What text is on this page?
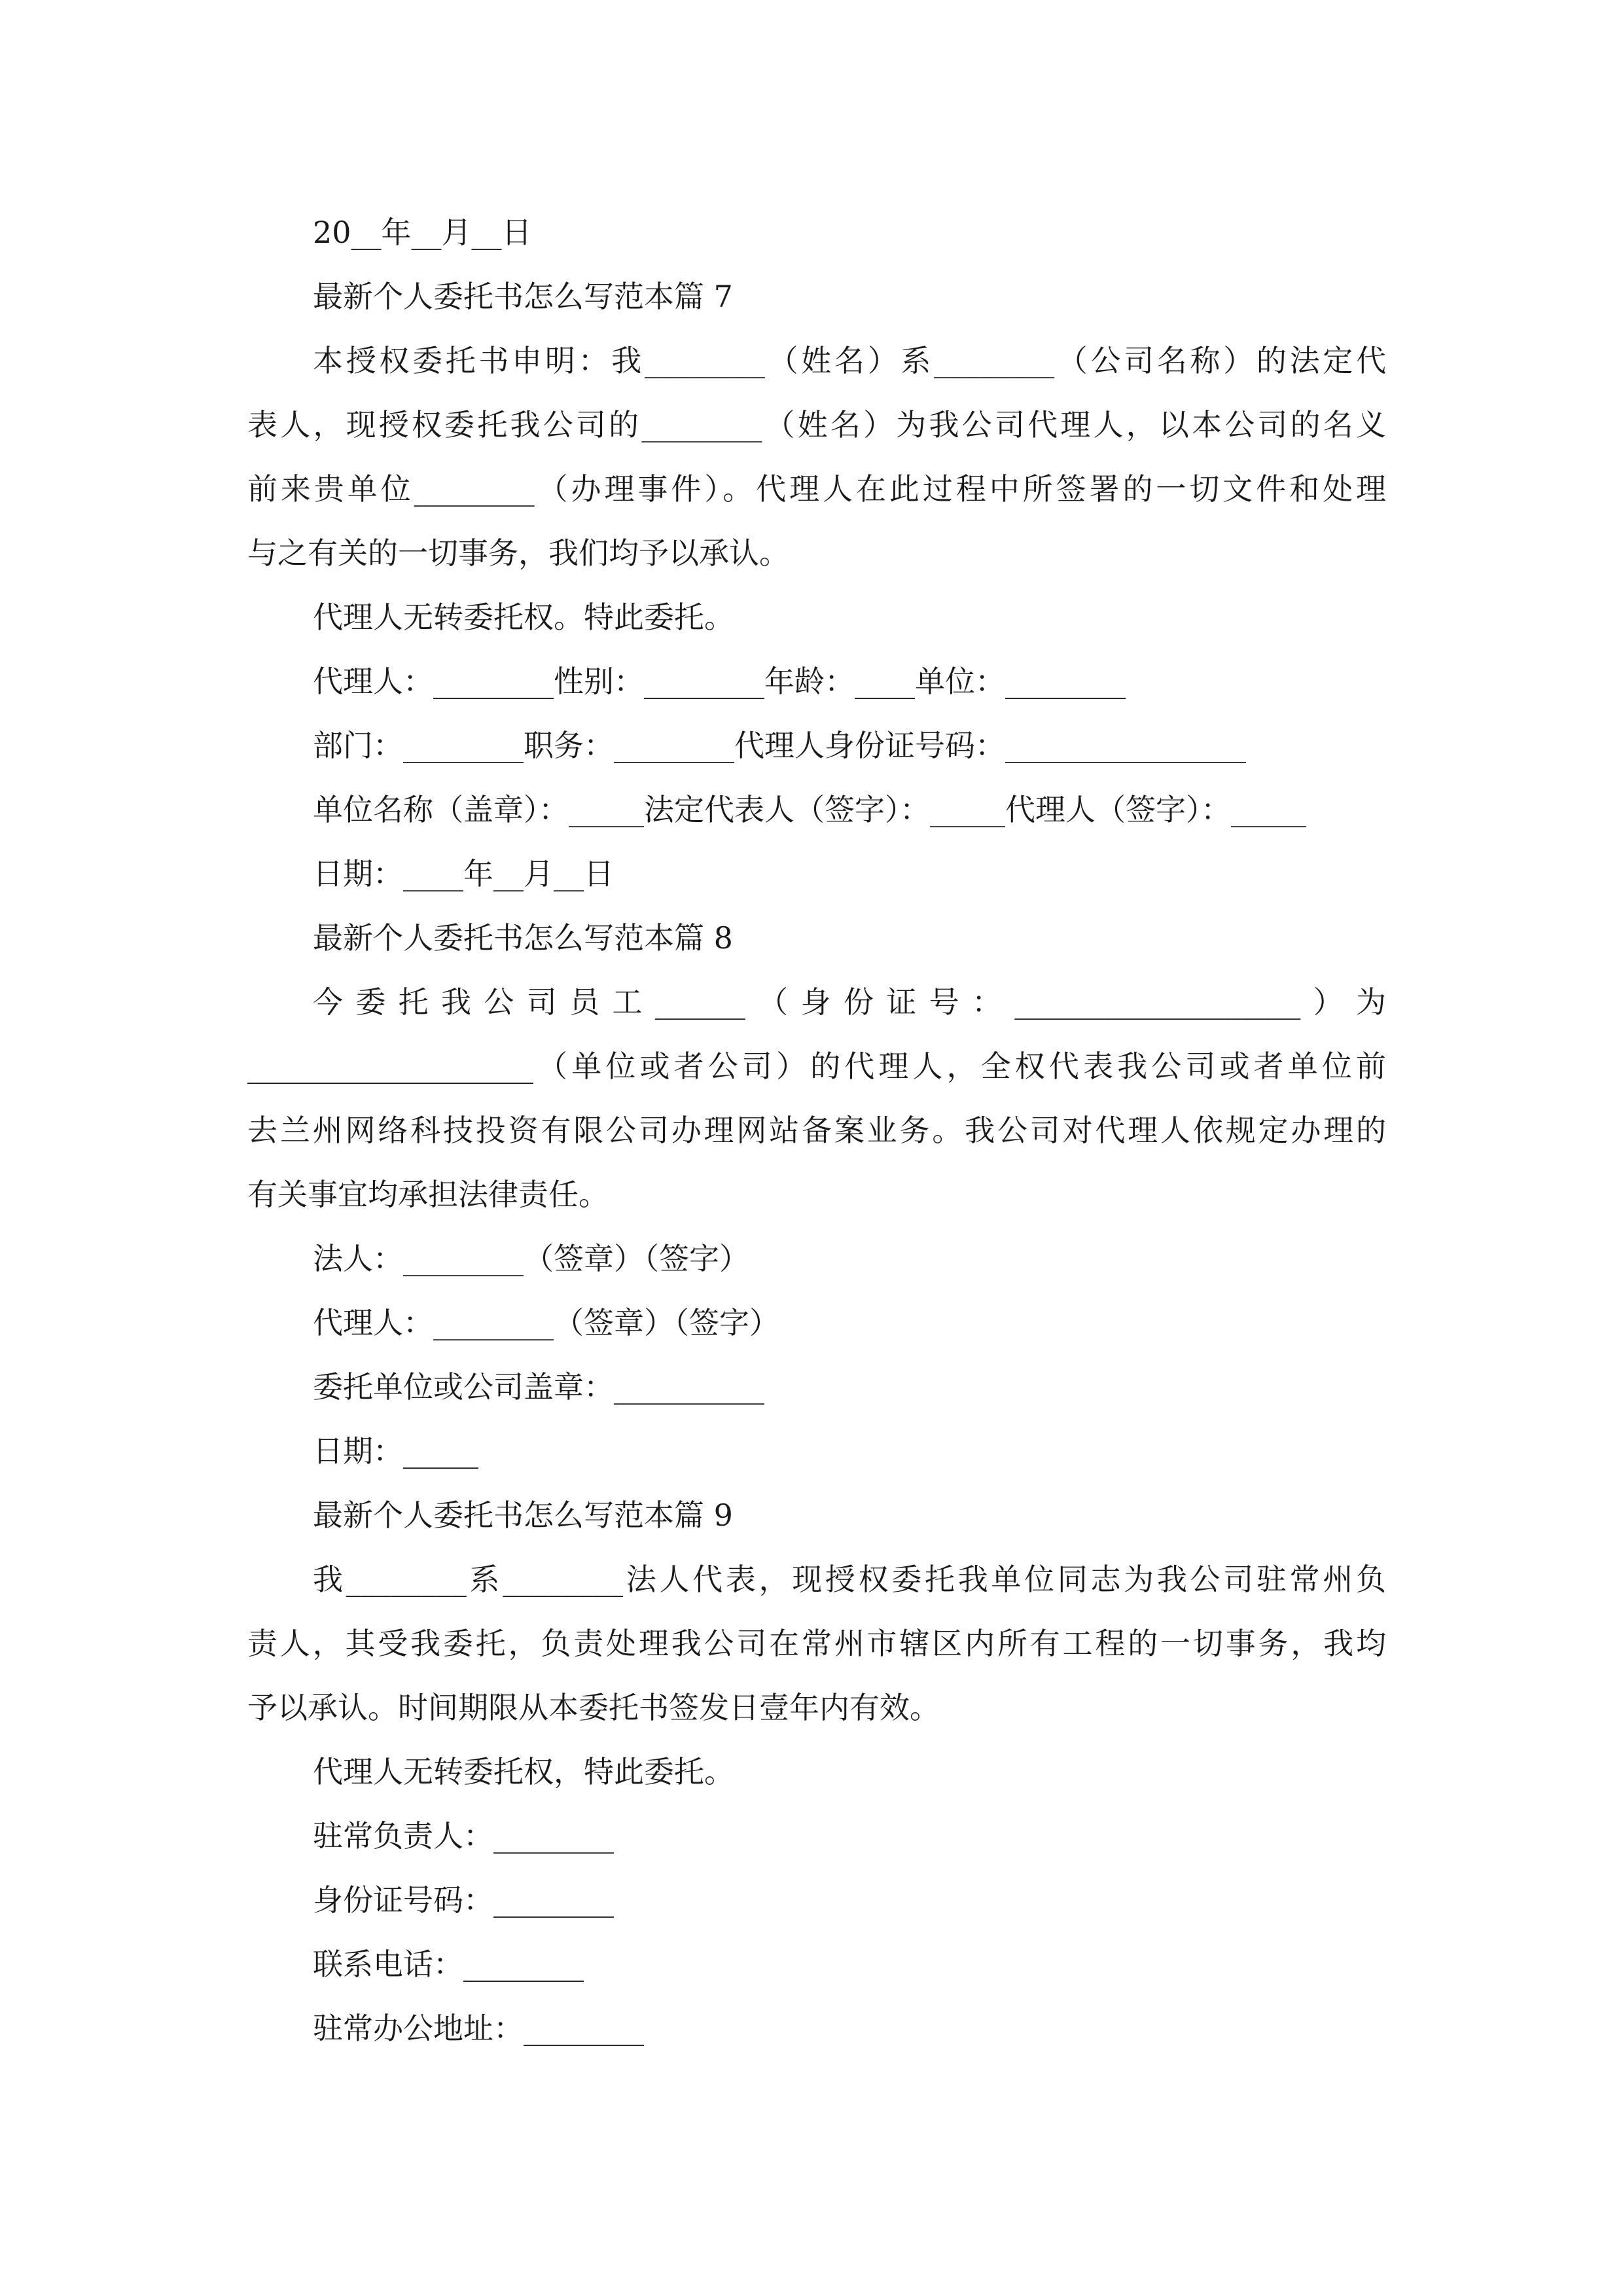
20__年__月__日

最新个人委托书怎么写范本篇 7

本授权委托书申明：我________（姓名）系________（公司名称）的法定代

表人，现授权委托我公司的________（姓名）为我公司代理人，以本公司的名义

前来贵单位________（办理事件）。代理人在此过程中所签署的一切文件和处理

与之有关的一切事务，我们均予以承认。

代理人无转委托权。特此委托。

代理人：________性别：________年龄：____单位：________

部门：________职务：________代理人身份证号码：________________

单位名称（盖章）：_____法定代表人（签字）：_____代理人（签字）：_____

日期：____年__月__日

最新个人委托书怎么写范本篇 8

今委托我公司员工______（身份证号：___________________）为

___________________（单位或者公司）的代理人，全权代表我公司或者单位前

去兰州网络科技投资有限公司办理网站备案业务。我公司对代理人依规定办理的

有关事宜均承担法律责任。

法人：________（签章）（签字）

代理人：________（签章）（签字）

委托单位或公司盖章：__________

日期：_____

最新个人委托书怎么写范本篇 9

我________系________法人代表，现授权委托我单位同志为我公司驻常州负

责人，其受我委托，负责处理我公司在常州市辖区内所有工程的一切事务，我均

予以承认。时间期限从本委托书签发日壹年内有效。

代理人无转委托权，特此委托。

驻常负责人：________

身份证号码：________

联系电话：________

驻常办公地址：________
